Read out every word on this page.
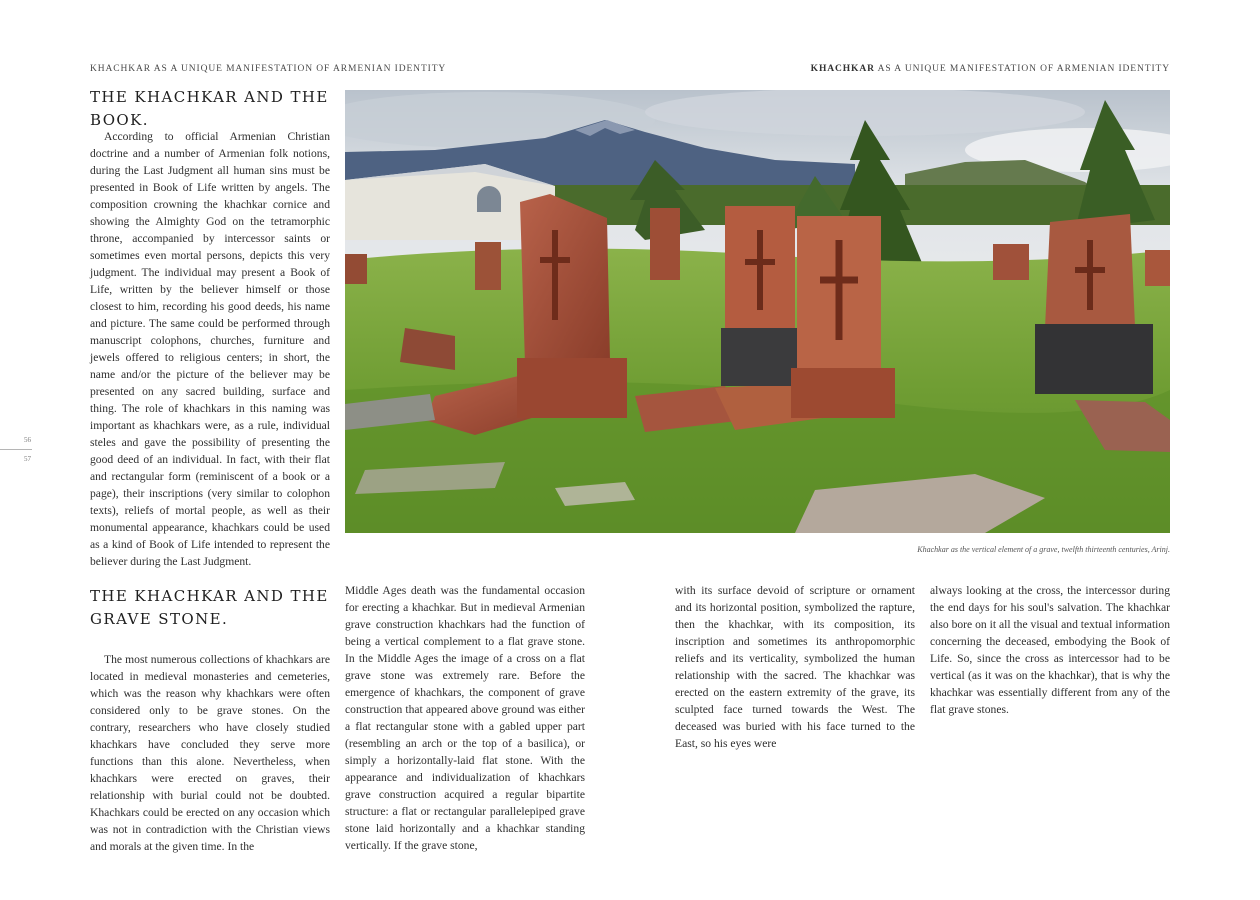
KHACHKAR AS A UNIQUE MANIFESTATION OF ARMENIAN IDENTITY	KHACHKAR AS A UNIQUE MANIFESTATION OF ARMENIAN IDENTITY
56
57
THE KHACHKAR AND THE BOOK.

According to official Armenian Christian doctrine and a number of Armenian folk notions, during the Last Judgment all human sins must be presented in Book of Life written by angels. The composition crowning the khachkar cornice and showing the Almighty God on the tetramorphic throne, accompanied by intercessor saints or sometimes even mortal persons, depicts this very judgment. The individual may present a Book of Life, written by the believer himself or those closest to him, recording his good deeds, his name and picture. The same could be performed through manuscript colophons, churches, furniture and jewels offered to religious centers; in short, the name and/or the picture of the believer may be presented on any sacred building, surface and thing. The role of khachkars in this naming was important as khachkars were, as a rule, individual steles and gave the possibility of presenting the good deed of an individual. In fact, with their flat and rectangular form (reminiscent of a book or a page), their inscriptions (very similar to colophon texts), reliefs of mortal people, as well as their monumental appearance, khachkars could be used as a kind of Book of Life intended to represent the believer during the Last Judgment.

Khachkar as the vertical element of a grave, twelfth thirteenth centuries, Arinj.
THE KHACHKAR AND THE
GRAVE STONE.

The most numerous collections of khachkars are located in medieval monasteries and cemeteries, which was the reason why khachkars were often considered only to be grave stones. On the contrary, researchers who have closely studied khachkars have concluded they serve more functions than this alone. Nevertheless, when khachkars were erected on graves, their relationship with burial could not be doubted. Khachkars could be erected on any occasion which was not in contradiction with the Christian views and morals at the given time. In the

Middle Ages death was the fundamental occasion for erecting a khachkar. But in medieval Armenian grave construction khachkars had the function of being a vertical complement to a flat grave stone. In the Middle Ages the image of a cross on a flat grave stone was extremely rare. Before the emergence of khachkars, the component of grave construction that appeared above ground was either a flat rectangular stone with a gabled upper part (resembling an arch or the top of a basilica), or simply a horizontally-laid flat stone. With the appearance and individualization of khachkars grave construction acquired a regular bipartite structure: a flat or rectangular parallelepiped grave stone laid horizontally and a khachkar standing vertically. If the grave stone,

with its surface devoid of scripture or ornament and its horizontal position, symbolized the rapture, then the khachkar, with its composition, its inscription and sometimes its anthropomorphic reliefs and its verticality, symbolized the human relationship with the sacred. The khachkar was erected on the eastern extremity of the grave, its sculpted face turned towards the West. The deceased was buried with his face turned to the East, so his eyes were

always looking at the cross, the intercessor during the end days for his soul's salvation. The khachkar also bore on it all the visual and textual information concerning the deceased, embodying the Book of Life. So, since the cross as intercessor had to be vertical (as it was on the khachkar), that is why the khachkar was essentially different from any of the flat grave stones.
